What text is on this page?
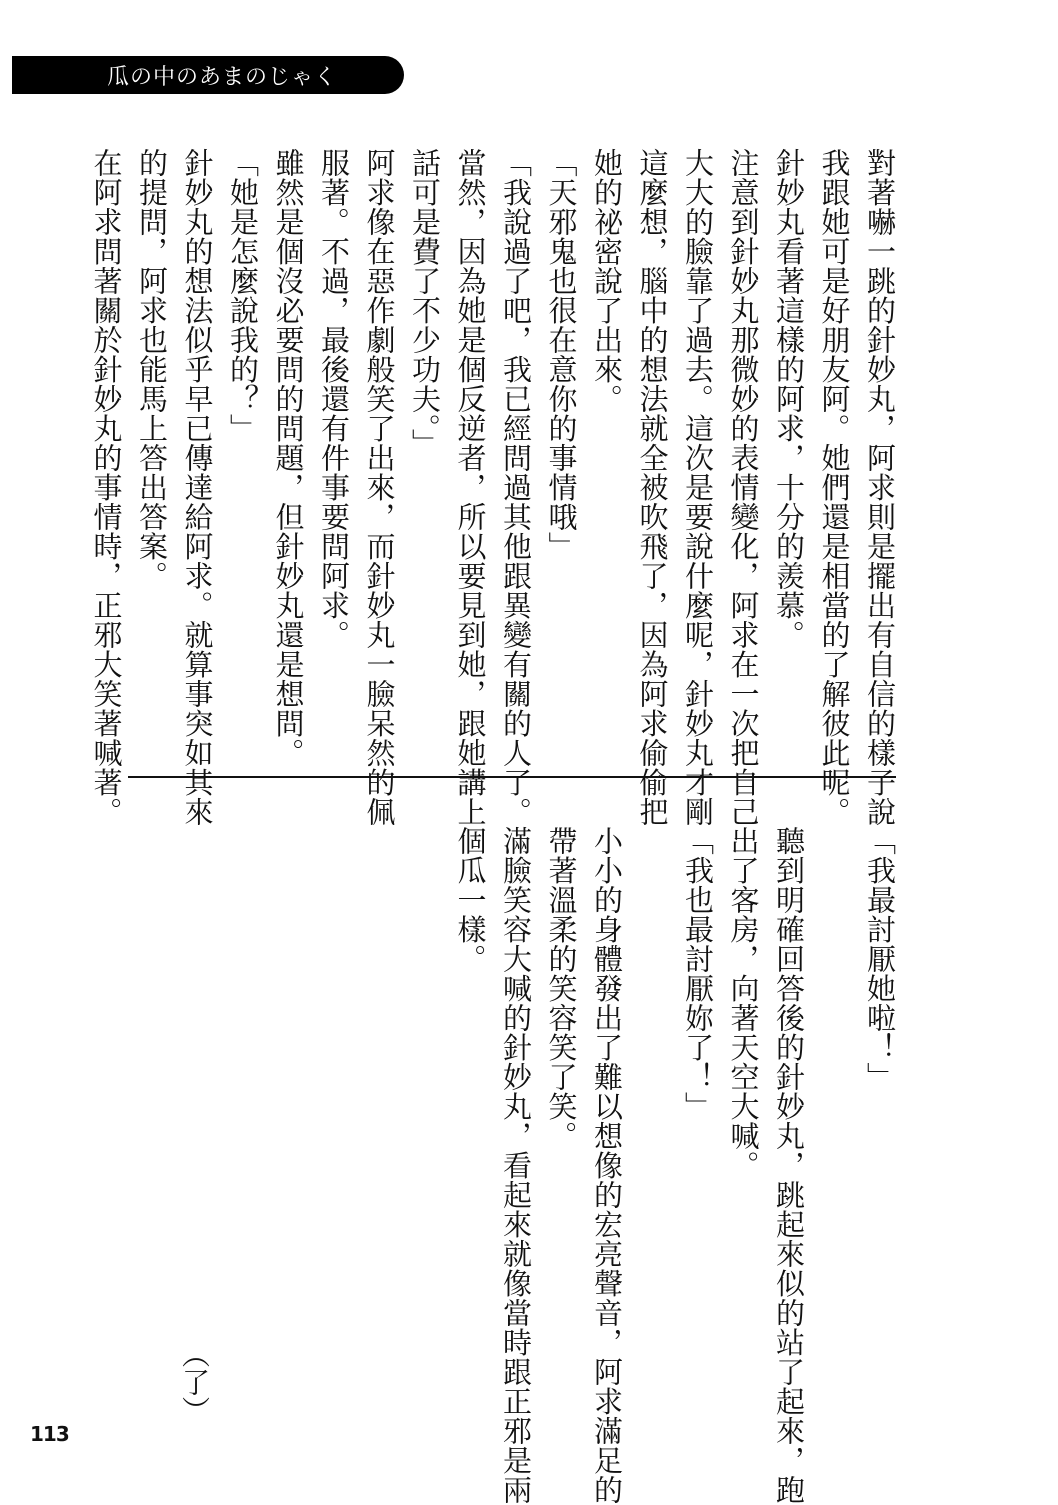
瓜の中のあまのじゃく
對著嚇一跳的針妙丸，阿求則是擺出有自信的樣子說
我跟她可是好朋友阿。她們還是相當的了解彼此呢。
針妙丸看著這樣的阿求，十分的羨慕。
注意到針妙丸那微妙的表情變化，阿求在一次把自己
大大的臉靠了過去。這次是要說什麼呢，針妙丸才剛
這麼想，腦中的想法就全被吹飛了，因為阿求偷偷把
她的祕密說了出來。
「天邪鬼也很在意你的事情哦」
「我說過了吧，我已經問過其他跟異變有關的人了。
當然，因為她是個反逆者，所以要見到她，跟她講上
話可是費了不少功夫。」
阿求像在惡作劇般笑了出來，而針妙丸一臉呆然的佩
服著。不過，最後還有件事要問阿求。
雖然是個沒必要問的問題，但針妙丸還是想問。
「她是怎麼說我的？」
針妙丸的想法似乎早已傳達給阿求。就算事突如其來
的提問，阿求也能馬上答出答案。
在阿求問著關於針妙丸的事情時，正邪大笑著喊著。
「我最討厭她啦！」

聽到明確回答後的針妙丸，跳起來似的站了起來，跑
出了客房，向著天空大喊。
「我也最討厭妳了！」

小小的身體發出了難以想像的宏亮聲音，阿求滿足的
帶著溫柔的笑容笑了笑。
滿臉笑容大喊的針妙丸，看起來就像當時跟正邪是兩
個瓜一樣。
（了）
113
